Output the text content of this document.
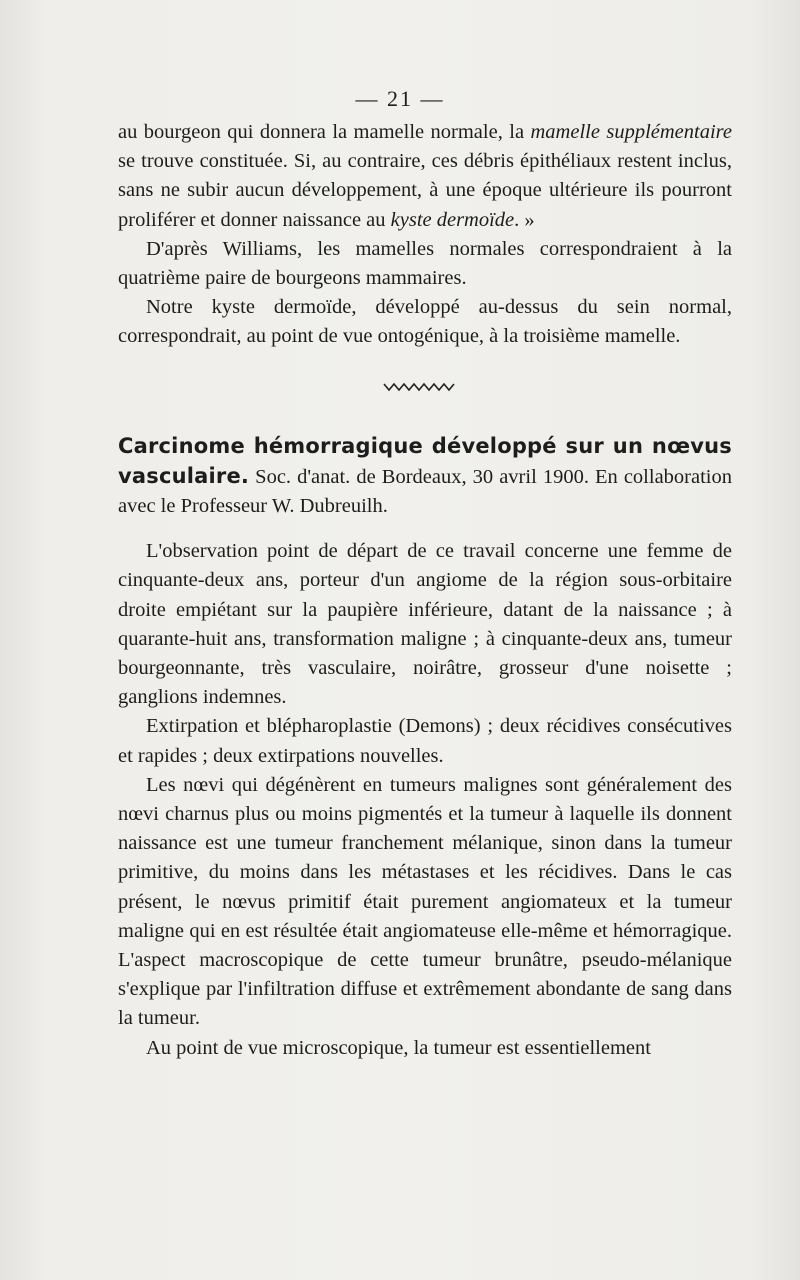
— 21 —

au bourgeon qui donnera la mamelle normale, la mamelle supplémentaire se trouve constituée. Si, au contraire, ces débris épithéliaux restent inclus, sans ne subir aucun développement, à une époque ultérieure ils pourront proliférer et donner naissance au kyste dermoïde. »

D'après Williams, les mamelles normales correspondraient à la quatrième paire de bourgeons mammaires.

Notre kyste dermoïde, développé au-dessus du sein normal, correspondrait, au point de vue ontogénique, à la troisième mamelle.

Carcinome hémorragique développé sur un nœvus vasculaire. Soc. d'anat. de Bordeaux, 30 avril 1900. En collaboration avec le Professeur W. Dubreuilh.

L'observation point de départ de ce travail concerne une femme de cinquante-deux ans, porteur d'un angiome de la région sous-orbitaire droite empiétant sur la paupière inférieure, datant de la naissance ; à quarante-huit ans, transformation maligne ; à cinquante-deux ans, tumeur bourgeonnante, très vasculaire, noirâtre, grosseur d'une noisette ; ganglions indemnes.

Extirpation et blépharoplastie (Demons) ; deux récidives consécutives et rapides ; deux extirpations nouvelles.

Les nœvi qui dégénèrent en tumeurs malignes sont généralement des nœvi charnus plus ou moins pigmentés et la tumeur à laquelle ils donnent naissance est une tumeur franchement mélanique, sinon dans la tumeur primitive, du moins dans les métastases et les récidives. Dans le cas présent, le nœvus primitif était purement angiomateux et la tumeur maligne qui en est résultée était angiomateuse elle-même et hémorragique. L'aspect macroscopique de cette tumeur brunâtre, pseudo-mélanique s'explique par l'infiltration diffuse et extrêmement abondante de sang dans la tumeur.

Au point de vue microscopique, la tumeur est essentiellement
